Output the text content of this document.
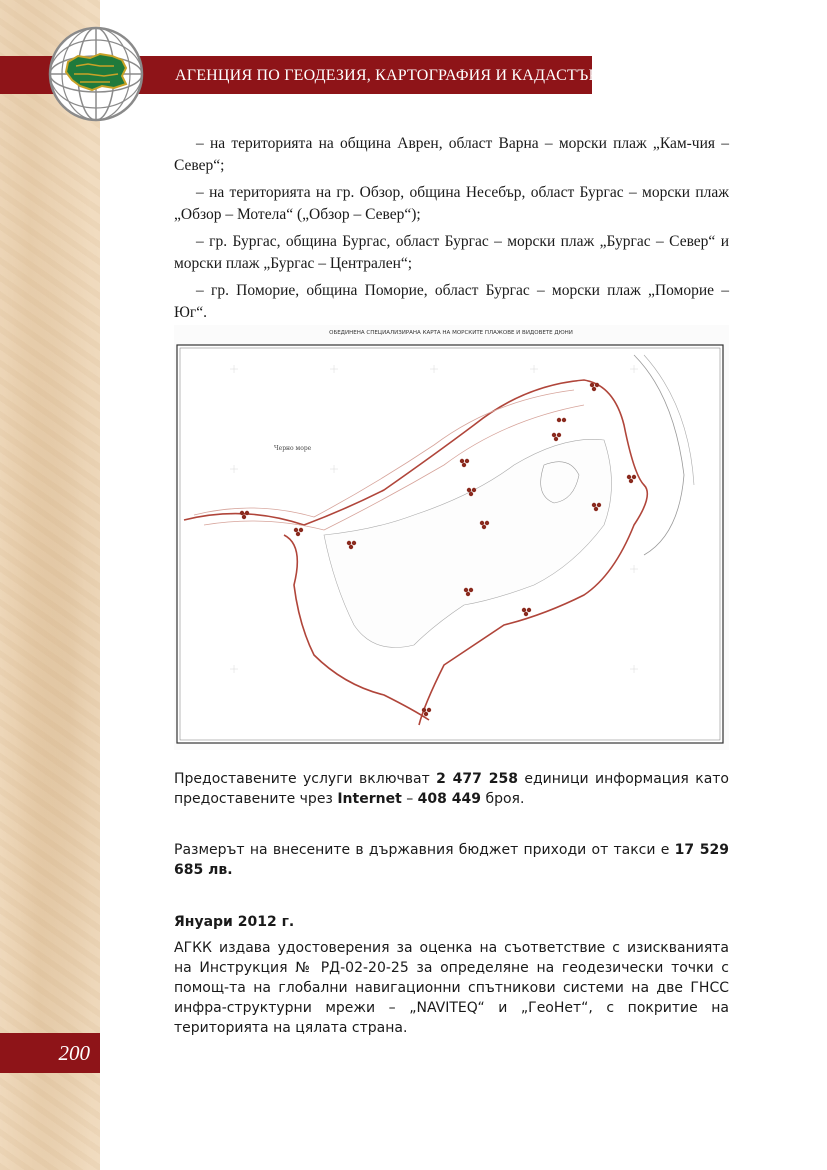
АГЕНЦИЯ ПО ГЕОДЕЗИЯ, КАРТОГРАФИЯ И КАДАСТЪР

– на територията на община Аврен, област Варна – морски плаж „Кам-чия – Север“;

– на територията на гр. Обзор, община Несебър, област Бургас – морски плаж „Обзор – Мотела“ („Обзор – Север“);

– гр. Бургас, община Бургас, област Бургас – морски плаж „Бургас – Север“ и морски плаж „Бургас – Централен“;

– гр. Поморие, община Поморие, област Бургас – морски плаж „Поморие – Юг“.

ОБЕДИНЕНА СПЕЦИАЛИЗИРАНА КАРТА НА МОРСКИТЕ ПЛАЖОВЕ И ВИДОВЕТЕ ДЮНИ
Черно море
Предоставените услуги включват 2 477 258 единици информация като предоставените чрез Internet – 408 449 броя.
Размерът на внесените в държавния бюджет приходи от такси е 17 529 685 лв.
Януари 2012 г.
АГКК издава удостоверения за оценка на съответствие с изискванията на Инструкция № РД-02-20-25 за определяне на геодезически точки с помощ-та на глобални навигационни спътникови системи на две ГНСС инфра-структурни мрежи – „NAVITEQ“ и „ГеоНет“, с покритие на територията на цялата страна.
200
